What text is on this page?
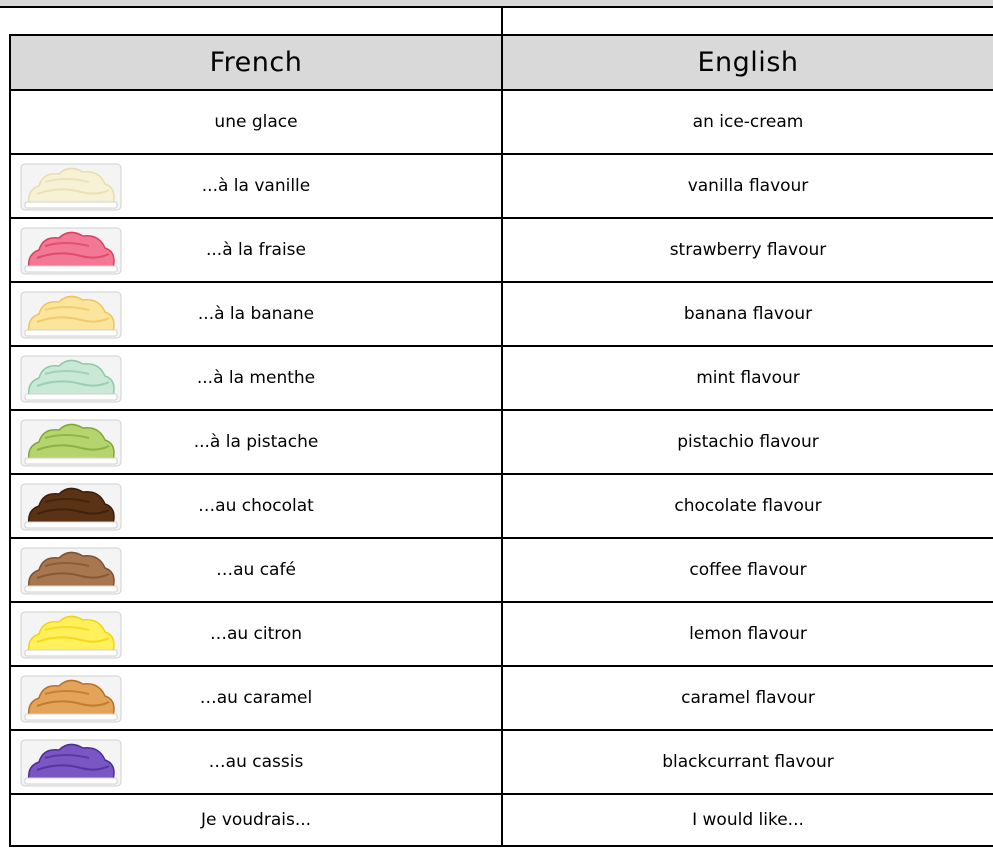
French	English
une glace	an ice-cream

...à la vanille	vanilla flavour

...à la fraise	strawberry flavour

...à la banane	banana flavour

...à la menthe	mint flavour

...à la pistache	pistachio flavour

…au chocolat	chocolate flavour

…au café	coffee flavour

…au citron	lemon flavour

…au caramel	caramel flavour

…au cassis	blackcurrant flavour
Je voudrais...	I would like...
